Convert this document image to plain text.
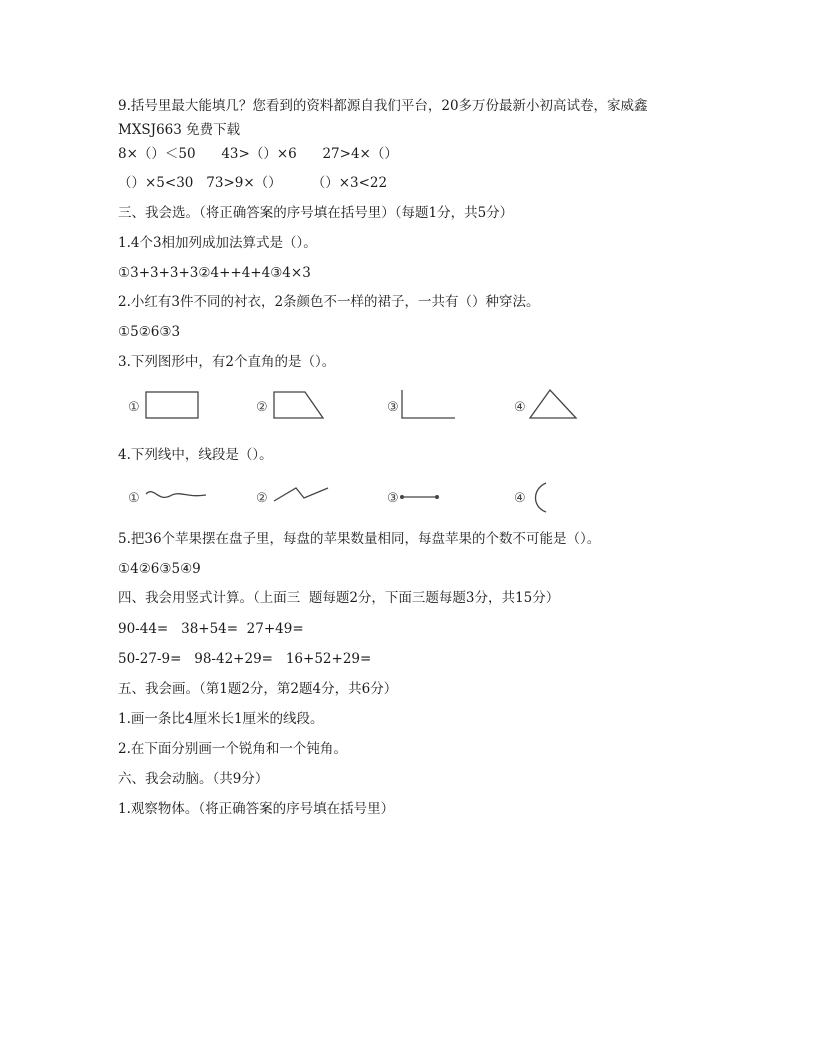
9.括号里最大能填几？您看到的资料都源自我们平台，20多万份最新小初高试卷，家威鑫
MXSJ663 免费下载
8×（）＜50      43>（）×6      27>4×（）
（）×5<30   73>9×（）       （）×3<22
三、我会选。（将正确答案的序号填在括号里）（每题1分，共5分）
1.4个3相加列成加法算式是（）。
①3+3+3+3②4++4+4③4×3
2.小红有3件不同的衬衣，2条颜色不一样的裙子，一共有（）种穿法。
①5②6③3
3.下列图形中，有2个直角的是（）。
①	②	③	④
4.下列线中，线段是（）。
①	②	③	④
5.把36个苹果摆在盘子里，每盘的苹果数量相同，每盘苹果的个数不可能是（）。
①4②6③5④9
四、我会用竖式计算。（上面三  题每题2分，下面三题每题3分，共15分）
90-44=   38+54=  27+49=
50-27-9=   98-42+29=   16+52+29=
五、我会画。（第1题2分，第2题4分，共6分）
1.画一条比4厘米长1厘米的线段。
2.在下面分别画一个锐角和一个钝角。
六、我会动脑。（共9分）
1.观察物体。（将正确答案的序号填在括号里）
